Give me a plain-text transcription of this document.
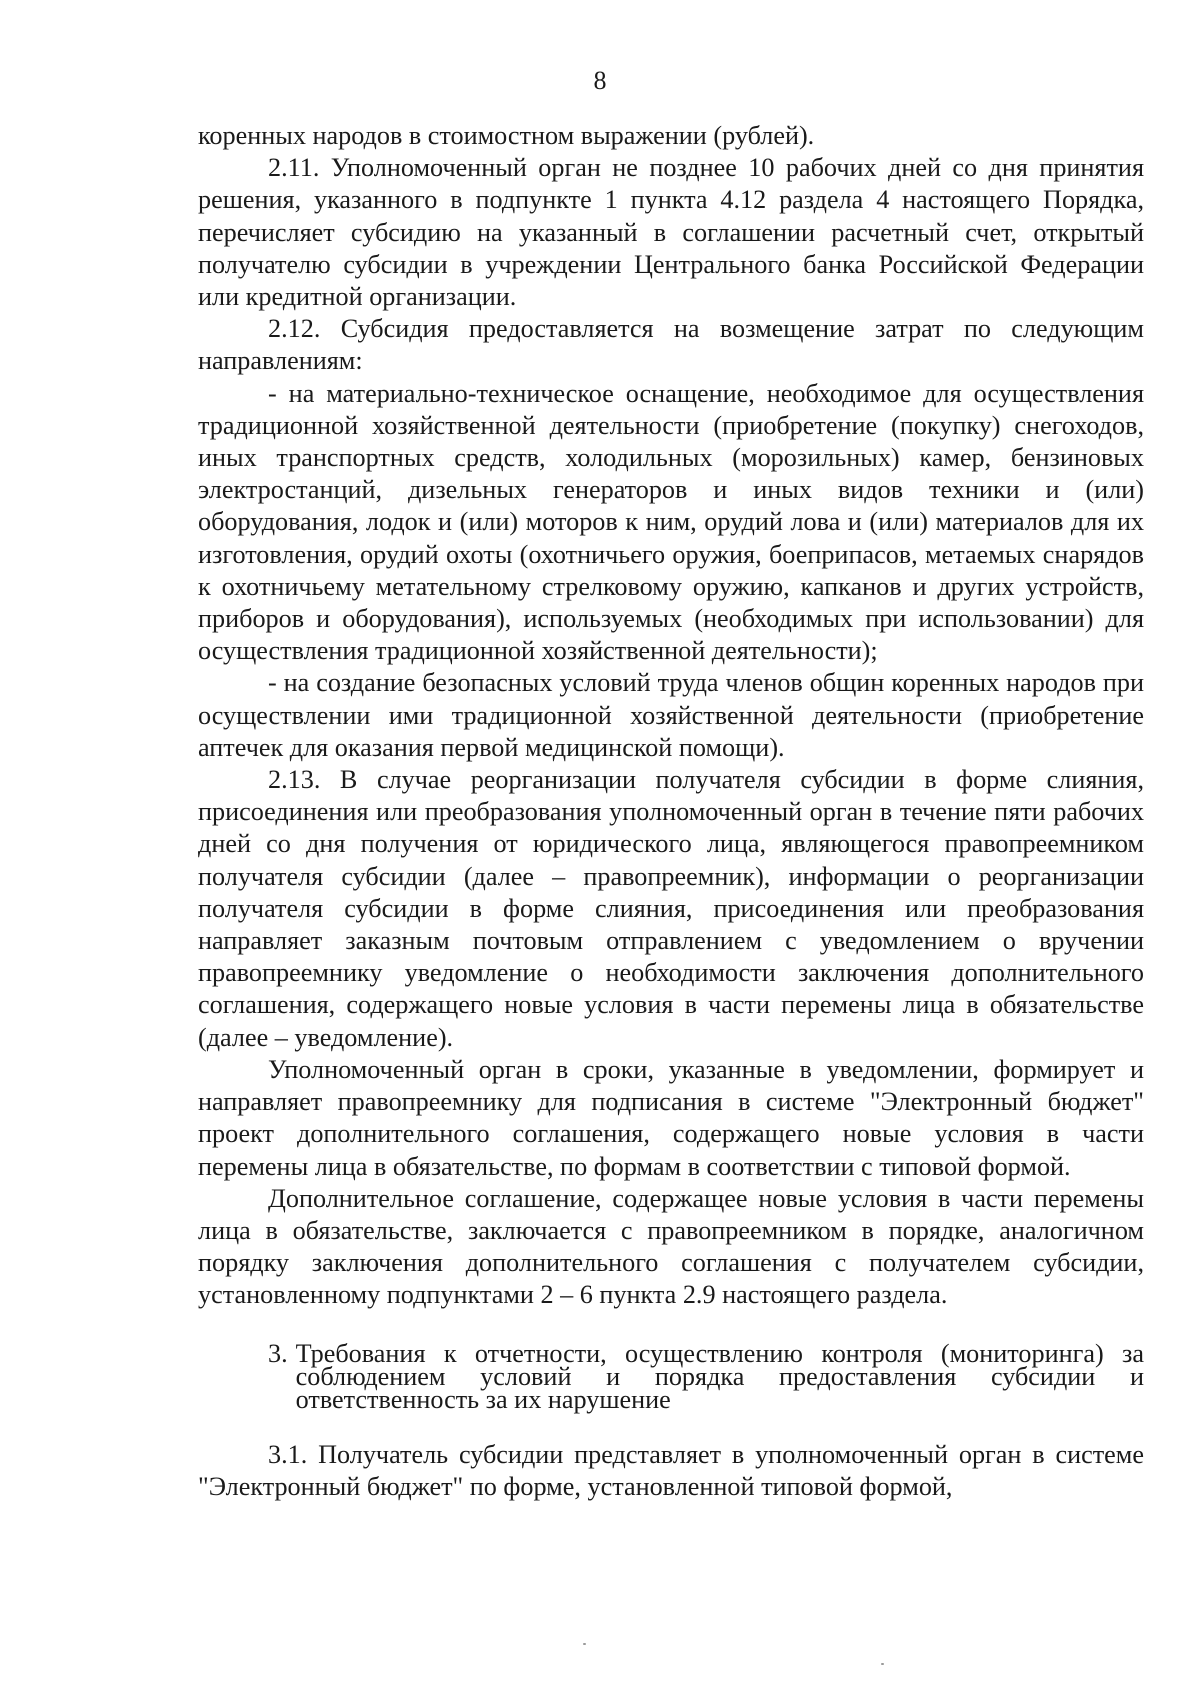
8

коренных народов в стоимостном выражении (рублей).

2.11. Уполномоченный орган не позднее 10 рабочих дней со дня принятия решения, указанного в подпункте 1 пункта 4.12 раздела 4 настоящего Порядка, перечисляет субсидию на указанный в соглашении расчетный счет, открытый получателю субсидии в учреждении Центрального банка Российской Федерации или кредитной организации.

2.12. Субсидия предоставляется на возмещение затрат по следующим направлениям:

- на материально-техническое оснащение, необходимое для осуществления традиционной хозяйственной деятельности (приобретение (покупку) снегоходов, иных транспортных средств, холодильных (морозильных) камер, бензиновых электростанций, дизельных генераторов и иных видов техники и (или) оборудования, лодок и (или) моторов к ним, орудий лова и (или) материалов для их изготовления, орудий охоты (охотничьего оружия, боеприпасов, метаемых снарядов к охотничьему метательному стрелковому оружию, капканов и других устройств, приборов и оборудования), используемых (необходимых при использовании) для осуществления традиционной хозяйственной деятельности);

- на создание безопасных условий труда членов общин коренных народов при осуществлении ими традиционной хозяйственной деятельности (приобретение аптечек для оказания первой медицинской помощи).

2.13. В случае реорганизации получателя субсидии в форме слияния, присоединения или преобразования уполномоченный орган в течение пяти рабочих дней со дня получения от юридического лица, являющегося правопреемником получателя субсидии (далее – правопреемник), информации о реорганизации получателя субсидии в форме слияния, присоединения или преобразования направляет заказным почтовым отправлением с уведомлением о вручении правопреемнику уведомление о необходимости заключения дополнительного соглашения, содержащего новые условия в части перемены лица в обязательстве (далее – уведомление).

Уполномоченный орган в сроки, указанные в уведомлении, формирует и направляет правопреемнику для подписания в системе "Электронный бюджет" проект дополнительного соглашения, содержащего новые условия в части перемены лица в обязательстве, по формам в соответствии с типовой формой.

Дополнительное соглашение, содержащее новые условия в части перемены лица в обязательстве, заключается с правопреемником в порядке, аналогичном порядку заключения дополнительного соглашения с получателем субсидии, установленному подпунктами 2 – 6 пункта 2.9 настоящего раздела.

3. Требования к отчетности, осуществлению контроля (мониторинга) за соблюдением условий и порядка предоставления субсидии и ответственность за их нарушение

3.1. Получатель субсидии представляет в уполномоченный орган в системе "Электронный бюджет" по форме, установленной типовой формой,
